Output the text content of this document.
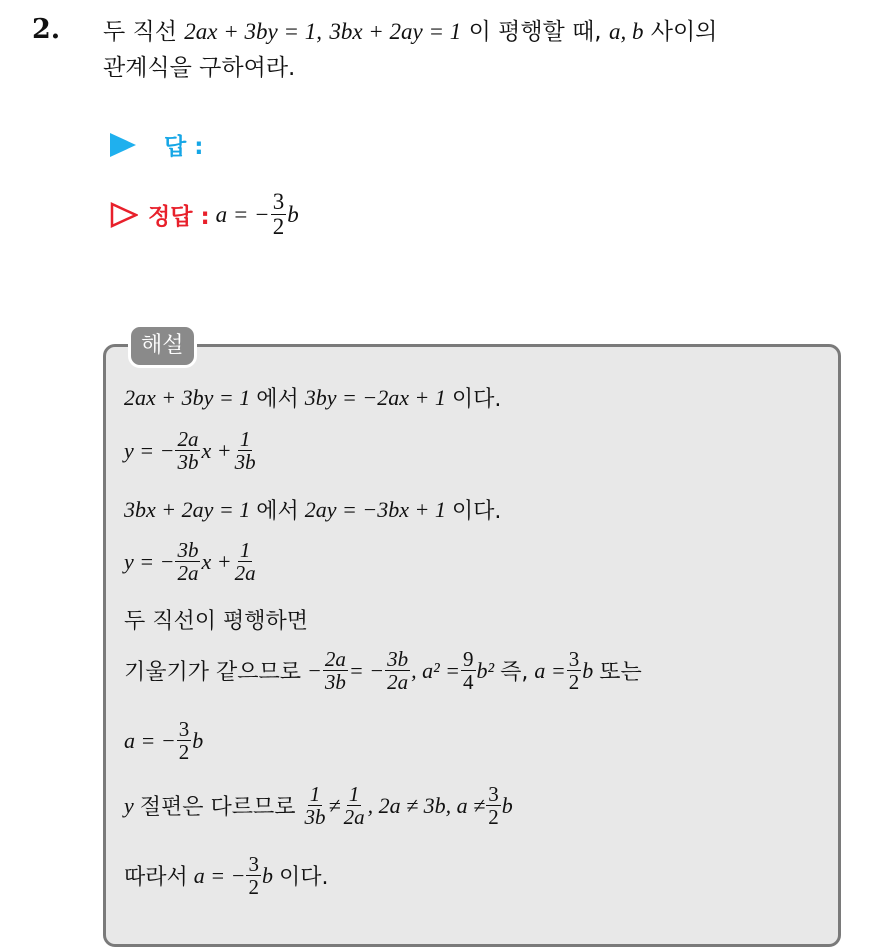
2. 두 직선 2ax + 3by = 1, 3bx + 2ay = 1 이 평행할 때, a, b 사이의
관계식을 구하여라.
답 :
정답 : a = − $\frac{3}{2}$ b
해설
2ax + 3by = 1 에서 3by = −2ax + 1 이다.
y = − $\frac{2a}{3b}$ $x + \frac{1}{3b}$
3bx + 2ay = 1 에서 2ay = −3bx + 1 이다.
y = − $\frac{3b}{2a}$ $x + \frac{1}{2a}$
두 직선이 평행하면
기울기가 같으므로 − $\frac{2a}{3b}$ = − $\frac{3b}{2a}$ , $a^2 = \frac{9}{4} b^2$ 즉, $a = \frac{3}{2}$ b 또는
a = − $\frac{3}{2}$ b
y 절편은 다르므로 $\frac{1}{3b} \ne \frac{1}{2a}$ , 2a ≠ 3b, $a \ne \frac{3}{2}$ b
따라서 a = − $\frac{3}{2}$ b 이다.
